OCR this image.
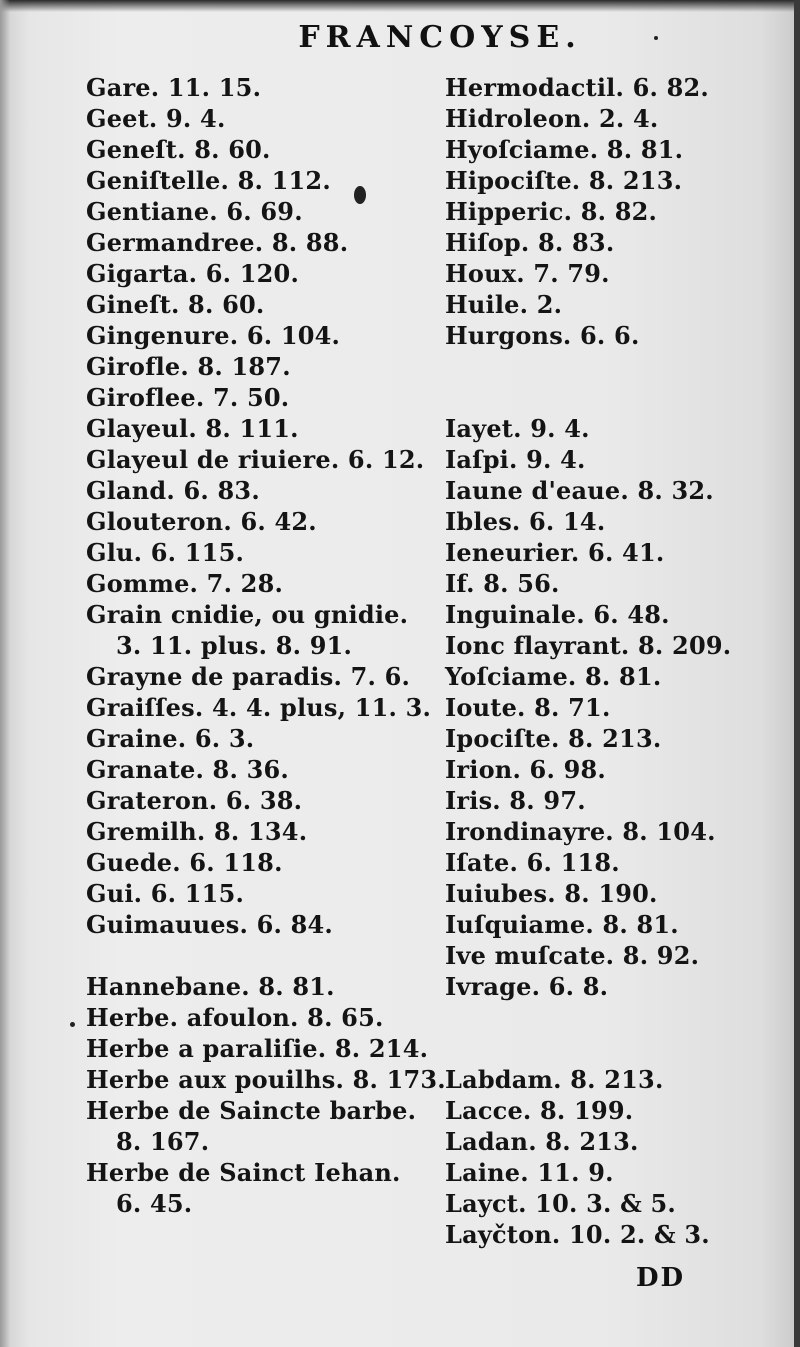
FRANCOYSE.
Gare. 11. 15.
Geet. 9. 4.
Geneſt. 8. 60.
Geniſtelle. 8. 112.
Gentiane. 6. 69.
Germandree. 8. 88.
Gigarta. 6. 120.
Gineſt. 8. 60.
Gingenure. 6. 104.
Girofle. 8. 187.
Giroflee. 7. 50.
Glayeul. 8. 111.
Glayeul de riuiere. 6. 12.
Gland. 6. 83.
Glouteron. 6. 42.
Glu. 6. 115.
Gomme. 7. 28.
Grain cnidie, ou gnidie.
3. 11. plus. 8. 91.
Grayne de paradis. 7. 6.
Graiſſes. 4. 4. plus, 11. 3.
Graine. 6. 3.
Granate. 8. 36.
Grateron. 6. 38.
Gremilh. 8. 134.
Guede. 6. 118.
Gui. 6. 115.
Guimauues. 6. 84.
Hannebane. 8. 81.
Herbe. afoulon. 8. 65.
Herbe a paraliſie. 8. 214.
Herbe aux pouilhs. 8. 173.
Herbe de Saincte barbe.
8. 167.
Herbe de Sainct Iehan.
6. 45.
Hermodactil. 6. 82.
Hidroleon. 2. 4.
Hyoſciame. 8. 81.
Hipociſte. 8. 213.
Hipperic. 8. 82.
Hiſop. 8. 83.
Houx. 7. 79.
Huile. 2.
Hurgons. 6. 6.
Iayet. 9. 4.
Iaſpi. 9. 4.
Iaune d'eaue. 8. 32.
Ibles. 6. 14.
Ieneurier. 6. 41.
If. 8. 56.
Inguinale. 6. 48.
Ionc flayrant. 8. 209.
Yoſciame. 8. 81.
Ioute. 8. 71.
Ipociſte. 8. 213.
Irion. 6. 98.
Iris. 8. 97.
Irondinayre. 8. 104.
Iſate. 6. 118.
Iuiubes. 8. 190.
Iuſquiame. 8. 81.
Ive muſcate. 8. 92.
Ivrage. 6. 8.
Labdam. 8. 213.
Lacce. 8. 199.
Ladan. 8. 213.
Laine. 11. 9.
Layct. 10. 3. & 5.
Layčton. 10. 2. & 3.
DD
